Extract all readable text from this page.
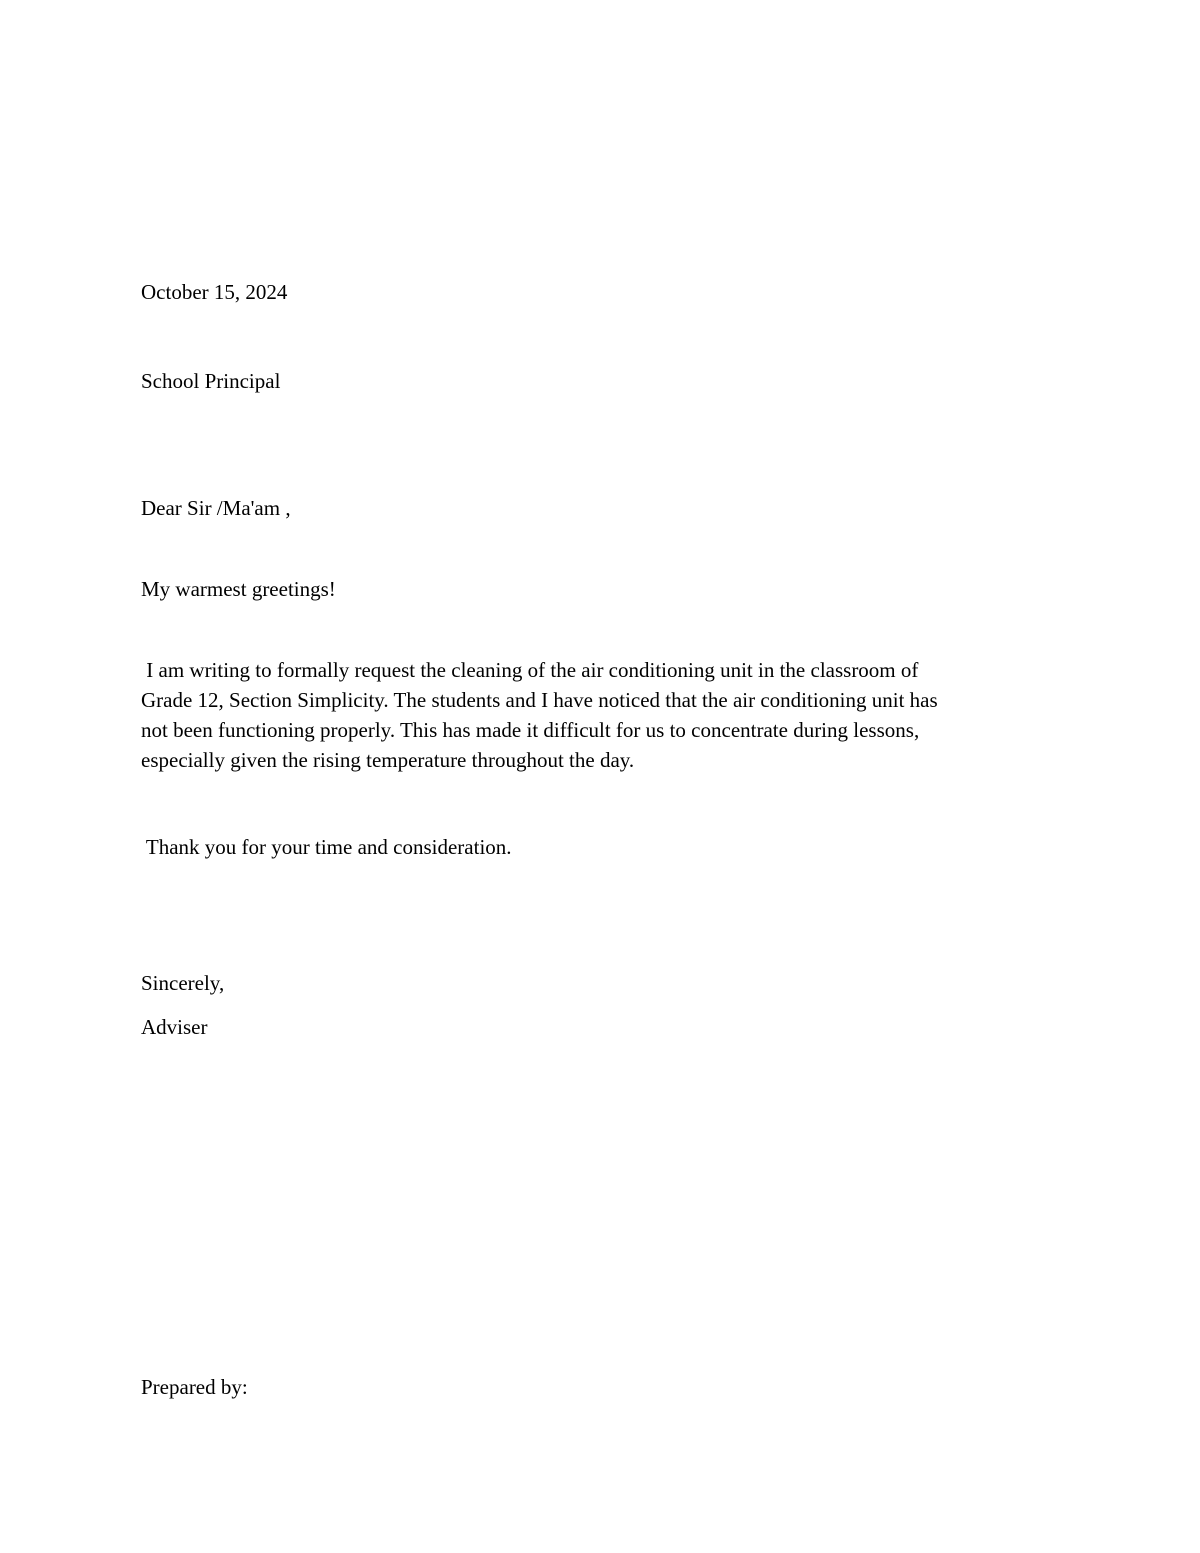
October 15, 2024
School Principal
Dear Sir /Ma'am ,
My warmest greetings!
I am writing to formally request the cleaning of the air conditioning unit in the classroom of
Grade 12, Section Simplicity. The students and I have noticed that the air conditioning unit has
not been functioning properly. This has made it difficult for us to concentrate during lessons,
especially given the rising temperature throughout the day.
Thank you for your time and consideration.
Sincerely,
Adviser
Prepared by:
